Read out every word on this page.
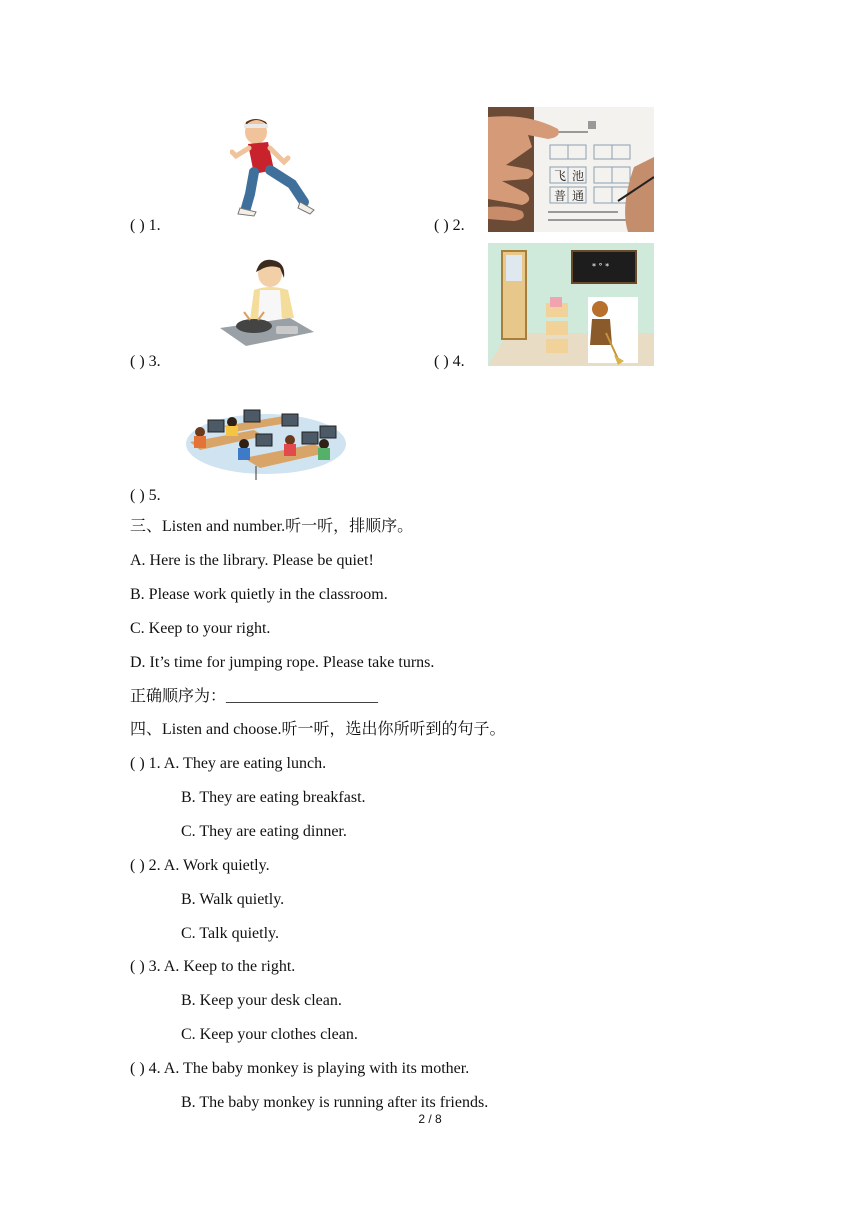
普 通
飞 池
* ° *
( ) 1.	( ) 2.
( ) 3.	( ) 4.
( ) 5.
三、Listen and number.听一听，排顺序。
A. Here is the library. Please be quiet!
B. Please work quietly in the classroom.
C. Keep to your right.
D. It’s time for jumping rope. Please take turns.
正确顺序为：___________________
四、Listen and choose.听一听，选出你所听到的句子。
( ) 1. A. They are eating lunch.
B. They are eating breakfast.
C. They are eating dinner.
( ) 2. A. Work quietly.
B. Walk quietly.
C. Talk quietly.
( ) 3. A. Keep to the right.
B. Keep your desk clean.
C. Keep your clothes clean.
( ) 4. A. The baby monkey is playing with its mother.
B. The baby monkey is running after its friends.
2 / 8
